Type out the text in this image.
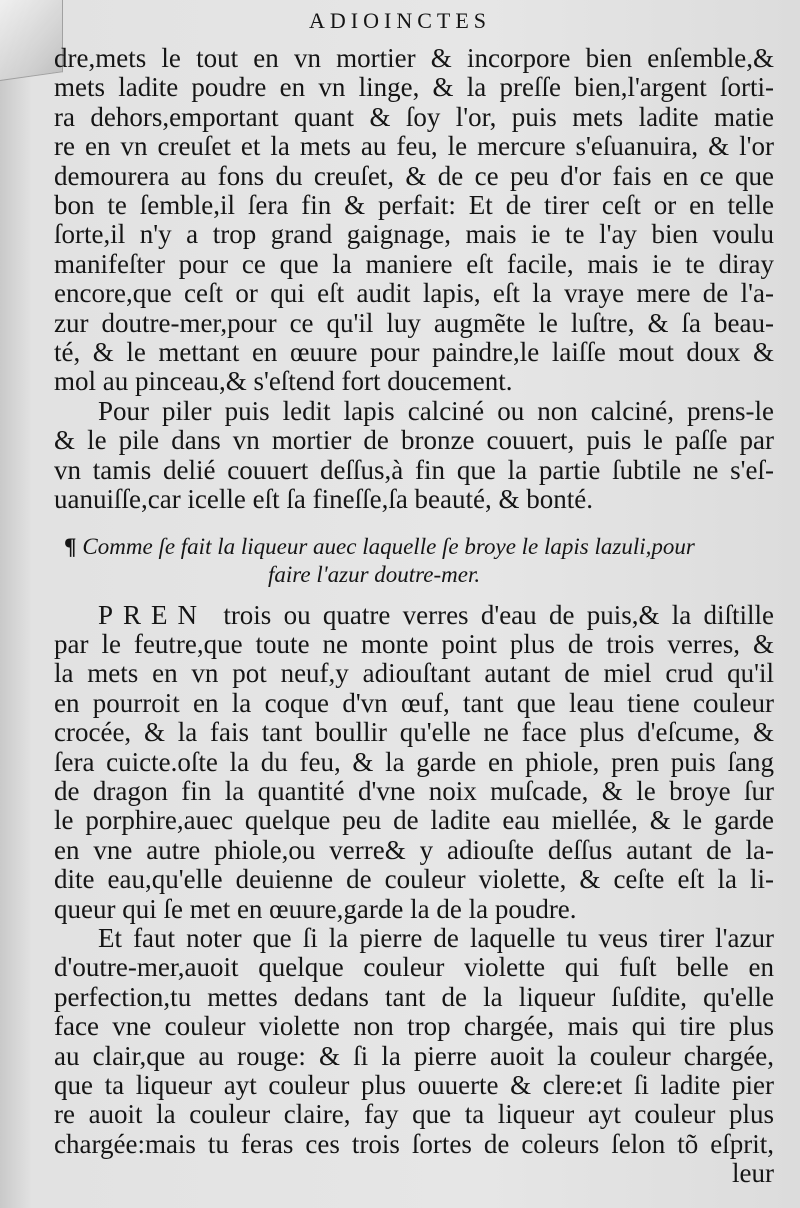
ADIOINCTES
dre,mets le tout en vn mortier & incorpore bien enſemble,&
mets ladite poudre en vn linge, & la preſſe bien,l'argent ſorti-
ra dehors,emportant quant & ſoy l'or, puis mets ladite matie
re en vn creuſet et la mets au feu, le mercure s'eſuanuira, & l'or
demourera au fons du creuſet, & de ce peu d'or fais en ce que
bon te ſemble,il ſera fin & perfait: Et de tirer ceſt or en telle
ſorte,il n'y a trop grand gaignage, mais ie te l'ay bien voulu
manifeſter pour ce que la maniere eſt facile, mais ie te diray
encore,que ceſt or qui eſt audit lapis, eſt la vraye mere de l'a-
zur doutre-mer,pour ce qu'il luy augmẽte le luſtre, & ſa beau-
té, & le mettant en œuure pour paindre,le laiſſe mout doux &
mol au pinceau,& s'eſtend fort doucement.
Pour piler puis ledit lapis calciné ou non calciné, prens-le
& le pile dans vn mortier de bronze couuert, puis le paſſe par
vn tamis delié couuert deſſus,à fin que la partie ſubtile ne s'eſ-
uanuiſſe,car icelle eſt ſa fineſſe,ſa beauté, & bonté.
¶ Comme ſe fait la liqueur auec laquelle ſe broye le lapis lazuli,pour
faire l'azur doutre-mer.
PREN trois ou quatre verres d'eau de puis,& la diſtille
par le feutre,que toute ne monte point plus de trois verres, &
la mets en vn pot neuf,y adiouſtant autant de miel crud qu'il
en pourroit en la coque d'vn œuf, tant que leau tiene couleur
crocée, & la fais tant boullir qu'elle ne face plus d'eſcume, &
ſera cuicte.oſte la du feu, & la garde en phiole, pren puis ſang
de dragon fin la quantité d'vne noix muſcade, & le broye ſur
le porphire,auec quelque peu de ladite eau miellée, & le garde
en vne autre phiole,ou verre& y adiouſte deſſus autant de la-
dite eau,qu'elle deuienne de couleur violette, & ceſte eſt la li-
queur qui ſe met en œuure,garde la de la poudre.
Et faut noter que ſi la pierre de laquelle tu veus tirer l'azur
d'outre-mer,auoit quelque couleur violette qui fuſt belle en
perfection,tu mettes dedans tant de la liqueur ſuſdite, qu'elle
face vne couleur violette non trop chargée, mais qui tire plus
au clair,que au rouge: & ſi la pierre auoit la couleur chargée,
que ta liqueur ayt couleur plus ouuerte & clere:et ſi ladite pier
re auoit la couleur claire, fay que ta liqueur ayt couleur plus
chargée:mais tu feras ces trois ſortes de coleurs ſelon tõ eſprit,
leur
